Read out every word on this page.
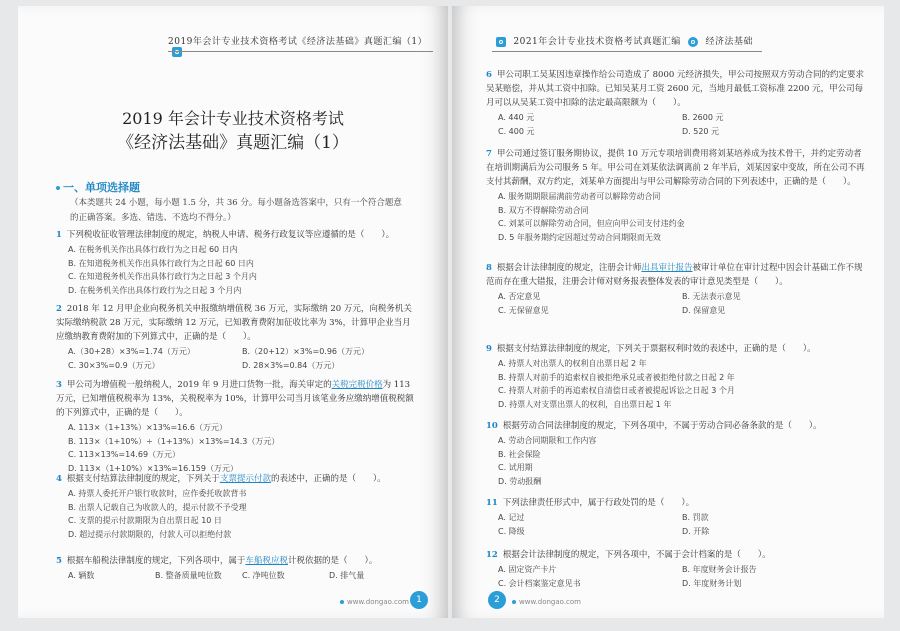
2019年会计专业技术资格考试《经济法基础》真题汇编（1）
2019 年会计专业技术资格考试
《经济法基础》真题汇编（1）
一、单项选择题
（本类题共 24 小题，每小题 1.5 分，共 36 分。每小题备选答案中，只有一个符合题意的正确答案。多选、错选、不选均不得分。）
1 下列税收征收管理法律制度的规定，纳税人申请、税务行政复议等应遵循的是（　　）。
A. 在税务机关作出具体行政行为之日起 60 日内
B. 在知道税务机关作出具体行政行为之日起 60 日内
C. 在知道税务机关作出具体行政行为之日起 3 个月内
D. 在税务机关作出具体行政行为之日起 3 个月内
2 2018 年 12 月甲企业向税务机关申报缴纳增值税 36 万元，实际缴纳 20 万元，向税务机关实际缴纳税款 28 万元，实际缴纳 12 万元，已知教育费附加征收比率为 3%，计算甲企业当月应缴纳教育费附加的下列算式中，正确的是（　　）。
A.（30+28）×3%=1.74（万元）	B.（20+12）×3%=0.96（万元）
C. 30×3%=0.9（万元）	D. 28×3%=0.84（万元）
3 甲公司为增值税一般纳税人，2019 年 9 月进口货物一批，海关审定的关税完税价格为 113 万元，已知增值税税率为 13%，关税税率为 10%，计算甲公司当月该笔业务应缴纳增值税税额的下列算式中，正确的是（　　）。
A. 113×（1+13%）×13%=16.6（万元）
B. 113×（1+10%）÷（1+13%）×13%=14.3（万元）
C. 113×13%=14.69（万元）
D. 113×（1+10%）×13%=16.159（万元）
4 根据支付结算法律制度的规定，下列关于支票提示付款的表述中，正确的是（　　）。
A. 持票人委托开户银行收款时，应作委托收款背书
B. 出票人记载自己为收款人的，提示付款不予受理
C. 支票的提示付款期限为自出票日起 10 日
D. 超过提示付款期限的，付款人可以拒绝付款
5 根据车船税法律制度的规定，下列各项中，属于车船税应税计税依据的是（　　）。
A. 辆数	B. 整备质量吨位数	C. 净吨位数	D. 排气量
www.dongao.com 1
2021年会计专业技术资格考试真题汇编	经济法基础
6 甲公司职工吴某因违章操作给公司造成了 8000 元经济损失，甲公司按照双方劳动合同的约定要求吴某赔偿，并从其工资中扣除。已知吴某月工资 2600 元，当地月最低工资标准 2200 元，甲公司每月可以从吴某工资中扣除的法定最高限额为（　　）。
A. 440 元	B. 2600 元
C. 400 元	D. 520 元
7 甲公司通过签订服务期协议，提供 10 万元专项培训费用将刘某培养成为技术骨干，并约定劳动者在培训期满后为公司服务 5 年。甲公司在刘某依法调离前 2 年半后，刘某因家中变故，所在公司不再支付其薪酬，双方约定，刘某单方面提出与甲公司解除劳动合同的下列表述中，正确的是（　　）。
A. 服务期期限届满前劳动者可以解除劳动合同
B. 双方不得解除劳动合同
C. 刘某可以解除劳动合同，但应向甲公司支付违约金
D. 5 年服务期约定因超过劳动合同期限而无效
8 根据会计法律制度的规定，注册会计师出具审计报告被审计单位在审计过程中因会计基础工作不规范而存在重大错报，注册会计师对财务报表整体发表的审计意见类型是（　　）。
A. 否定意见	B. 无法表示意见
C. 无保留意见	D. 保留意见
9 根据支付结算法律制度的规定，下列关于票据权利时效的表述中，正确的是（　　）。
A. 持票人对出票人的权利自出票日起 2 年
B. 持票人对前手的追索权自被拒绝承兑或者被拒绝付款之日起 2 年
C. 持票人对前手的再追索权自清偿日或者被提起诉讼之日起 3 个月
D. 持票人对支票出票人的权利，自出票日起 1 年
10 根据劳动合同法律制度的规定，下列各项中，不属于劳动合同必备条款的是（　　）。
A. 劳动合同期限和工作内容
B. 社会保险
C. 试用期
D. 劳动报酬
11 下列法律责任形式中，属于行政处罚的是（　　）。
A. 记过	B. 罚款
C. 降级	D. 开除
12 根据会计法律制度的规定，下列各项中，不属于会计档案的是（　　）。
A. 固定资产卡片	B. 年度财务会计报告
C. 会计档案鉴定意见书	D. 年度财务计划
2	www.dongao.com
